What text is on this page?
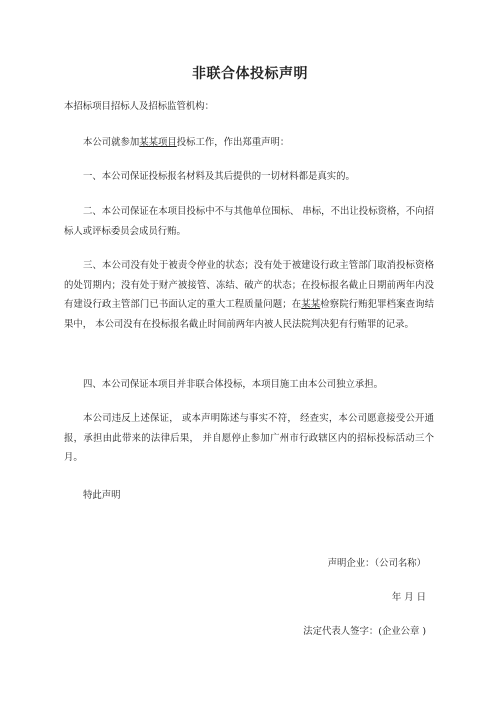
非联合体投标声明
本招标项目招标人及招标监管机构：
本公司就参加某某项目投标工作，作出郑重声明：
一、本公司保证投标报名材料及其后提供的一切材料都是真实的。
二、本公司保证在本项目投标中不与其他单位围标、 串标，不出让投标资格，不向招标人或评标委员会成员行贿。
三、本公司没有处于被责令停业的状态；没有处于被建设行政主管部门取消投标资格的处罚期内；没有处于财产被接管、冻结、破产的状态；在投标报名截止日期前两年内没有建设行政主管部门已书面认定的重大工程质量问题；在某某检察院行贿犯罪档案查询结果中， 本公司没有在投标报名截止时间前两年内被人民法院判决犯有行贿罪的记录。
四、本公司保证本项目并非联合体投标，本项目施工由本公司独立承担。
本公司违反上述保证， 或本声明陈述与事实不符， 经查实，本公司愿意接受公开通报，承担由此带来的法律后果， 并自愿停止参加广州市行政辖区内的招标投标活动三个月。
特此声明
声明企业：（公司名称）
年 月 日
法定代表人签字：(企业公章 )
